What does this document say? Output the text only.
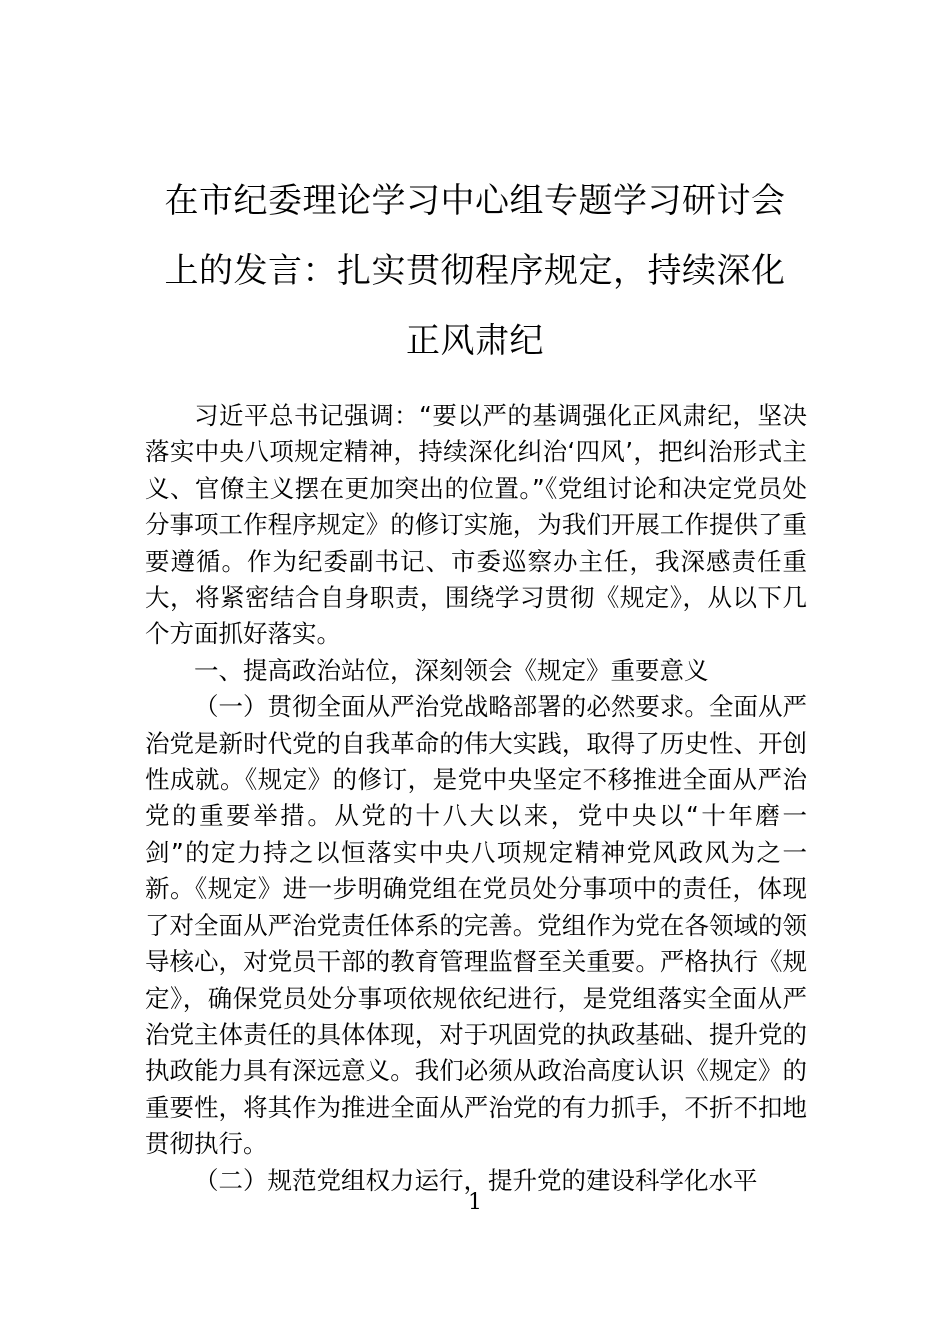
在市纪委理论学习中心组专题学习研讨会
上的发言：扎实贯彻程序规定，持续深化
正风肃纪

习近平总书记强调：“要以严的基调强化正风肃纪，坚决落实中央八项规定精神，持续深化纠治‘四风’，把纠治形式主义、官僚主义摆在更加突出的位置。”《党组讨论和决定党员处分事项工作程序规定》的修订实施，为我们开展工作提供了重要遵循。作为纪委副书记、市委巡察办主任，我深感责任重大，将紧密结合自身职责，围绕学习贯彻《规定》，从以下几个方面抓好落实。

一、提高政治站位，深刻领会《规定》重要意义

（一）贯彻全面从严治党战略部署的必然要求。全面从严治党是新时代党的自我革命的伟大实践，取得了历史性、开创性成就。《规定》的修订，是党中央坚定不移推进全面从严治党的重要举措。从党的十八大以来，党中央以“十年磨一剑”的定力持之以恒落实中央八项规定精神党风政风为之一新。《规定》进一步明确党组在党员处分事项中的责任，体现了对全面从严治党责任体系的完善。党组作为党在各领域的领导核心，对党员干部的教育管理监督至关重要。严格执行《规定》，确保党员处分事项依规依纪进行，是党组落实全面从严治党主体责任的具体体现，对于巩固党的执政基础、提升党的执政能力具有深远意义。我们必须从政治高度认识《规定》的重要性，将其作为推进全面从严治党的有力抓手，不折不扣地贯彻执行。

（二）规范党组权力运行，提升党的建设科学化水平

1
